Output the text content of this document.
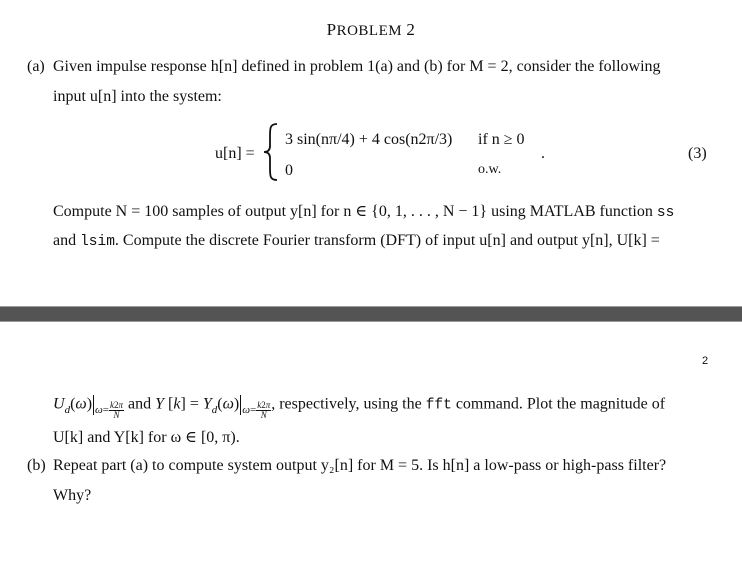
PROBLEM 2
(a) Given impulse response h[n] defined in problem 1(a) and (b) for M = 2, consider the following
input u[n] into the system:
u[n] =
3 sin(nπ/4) + 4 cos(n2π/3) if n ≥ 0
0	o.w.
.	(3)
Compute N = 100 samples of output y[n] for n ∈ {0, 1, . . . , N − 1} using MATLAB function ss
and lsim. Compute the discrete Fourier transform (DFT) of input u[n] and output y[n], U[k] =
2
$U_d(\omega)$ $_{\omega= \frac{k2\pi}{N}}$ and Y $[k] = Y_d(\omega)$ $_{\omega= \frac{k2\pi}{N}}$ , respectively, using the fft command. Plot the magnitude of
U[k] and Y[k] for ω ∈ [0, π).
(b) Repeat part (a) to compute system output y₂[n] for M = 5. Is h[n] a low-pass or high-pass filter?
Why?
